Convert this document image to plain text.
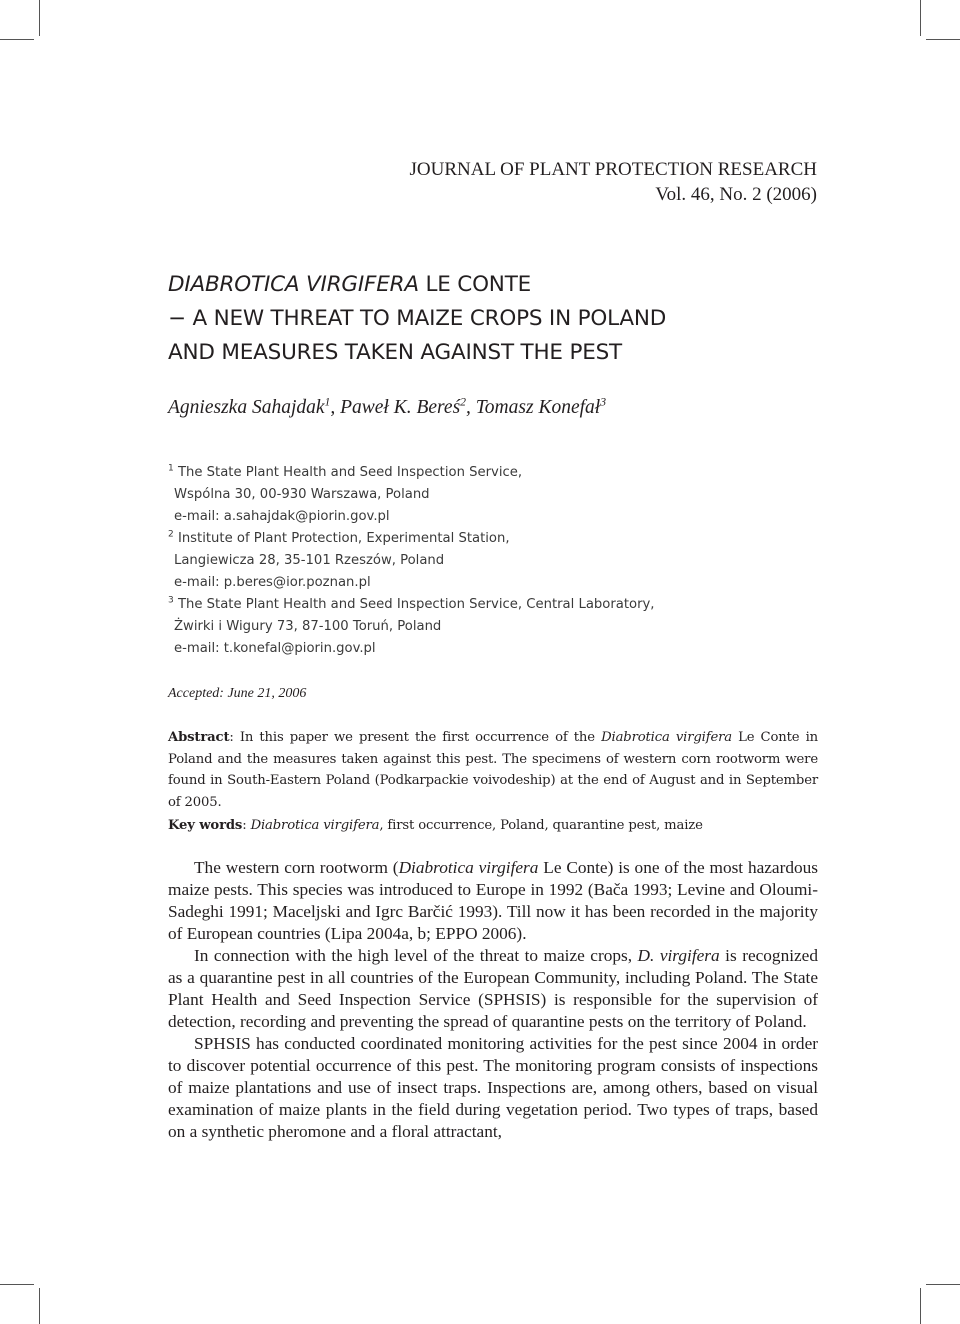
JOURNAL OF PLANT PROTECTION RESEARCH
Vol. 46, No. 2 (2006)
DIABROTICA VIRGIFERA LE CONTE
− A NEW THREAT TO MAIZE CROPS IN POLAND
AND MEASURES TAKEN AGAINST THE PEST
Agnieszka Sahajdak$^1$, Paweł K. Bereś$^2$, Tomasz Konefał$^3$
$^1$ The State Plant Health and Seed Inspection Service,
Wspólna 30, 00-930 Warszawa, Poland
e-mail: a.sahajdak@piorin.gov.pl
$^2$ Institute of Plant Protection, Experimental Station,
Langiewicza 28, 35-101 Rzeszów, Poland
e-mail: p.beres@ior.poznan.pl
$^3$ The State Plant Health and Seed Inspection Service, Central Laboratory,
Żwirki i Wigury 73, 87-100 Toruń, Poland
e-mail: t.konefal@piorin.gov.pl
Accepted: June 21, 2006
Abstract: In this paper we present the first occurrence of the Diabrotica virgifera Le Conte in Poland and the measures taken against this pest. The specimens of western corn rootworm were found in South-Eastern Poland (Podkarpackie voivodeship) at the end of August and in September of 2005.
Key words: Diabrotica virgifera, first occurrence, Poland, quarantine pest, maize

The western corn rootworm (Diabrotica virgifera Le Conte) is one of the most hazardous maize pests. This species was introduced to Europe in 1992 (Bača 1993; Levine and Oloumi-Sadeghi 1991; Maceljski and Igrc Barčić 1993). Till now it has been recorded in the majority of European countries (Lipa 2004a, b; EPPO 2006).

In connection with the high level of the threat to maize crops, D. virgifera is recognized as a quarantine pest in all countries of the European Community, including Poland. The State Plant Health and Seed Inspection Service (SPHSIS) is responsible for the supervision of detection, recording and preventing the spread of quarantine pests on the territory of Poland.

SPHSIS has conducted coordinated monitoring activities for the pest since 2004 in order to discover potential occurrence of this pest. The monitoring program consists of inspections of maize plantations and use of insect traps. Inspections are, among others, based on visual examination of maize plants in the field during vegetation period. Two types of traps, based on a synthetic pheromone and a floral attractant,
